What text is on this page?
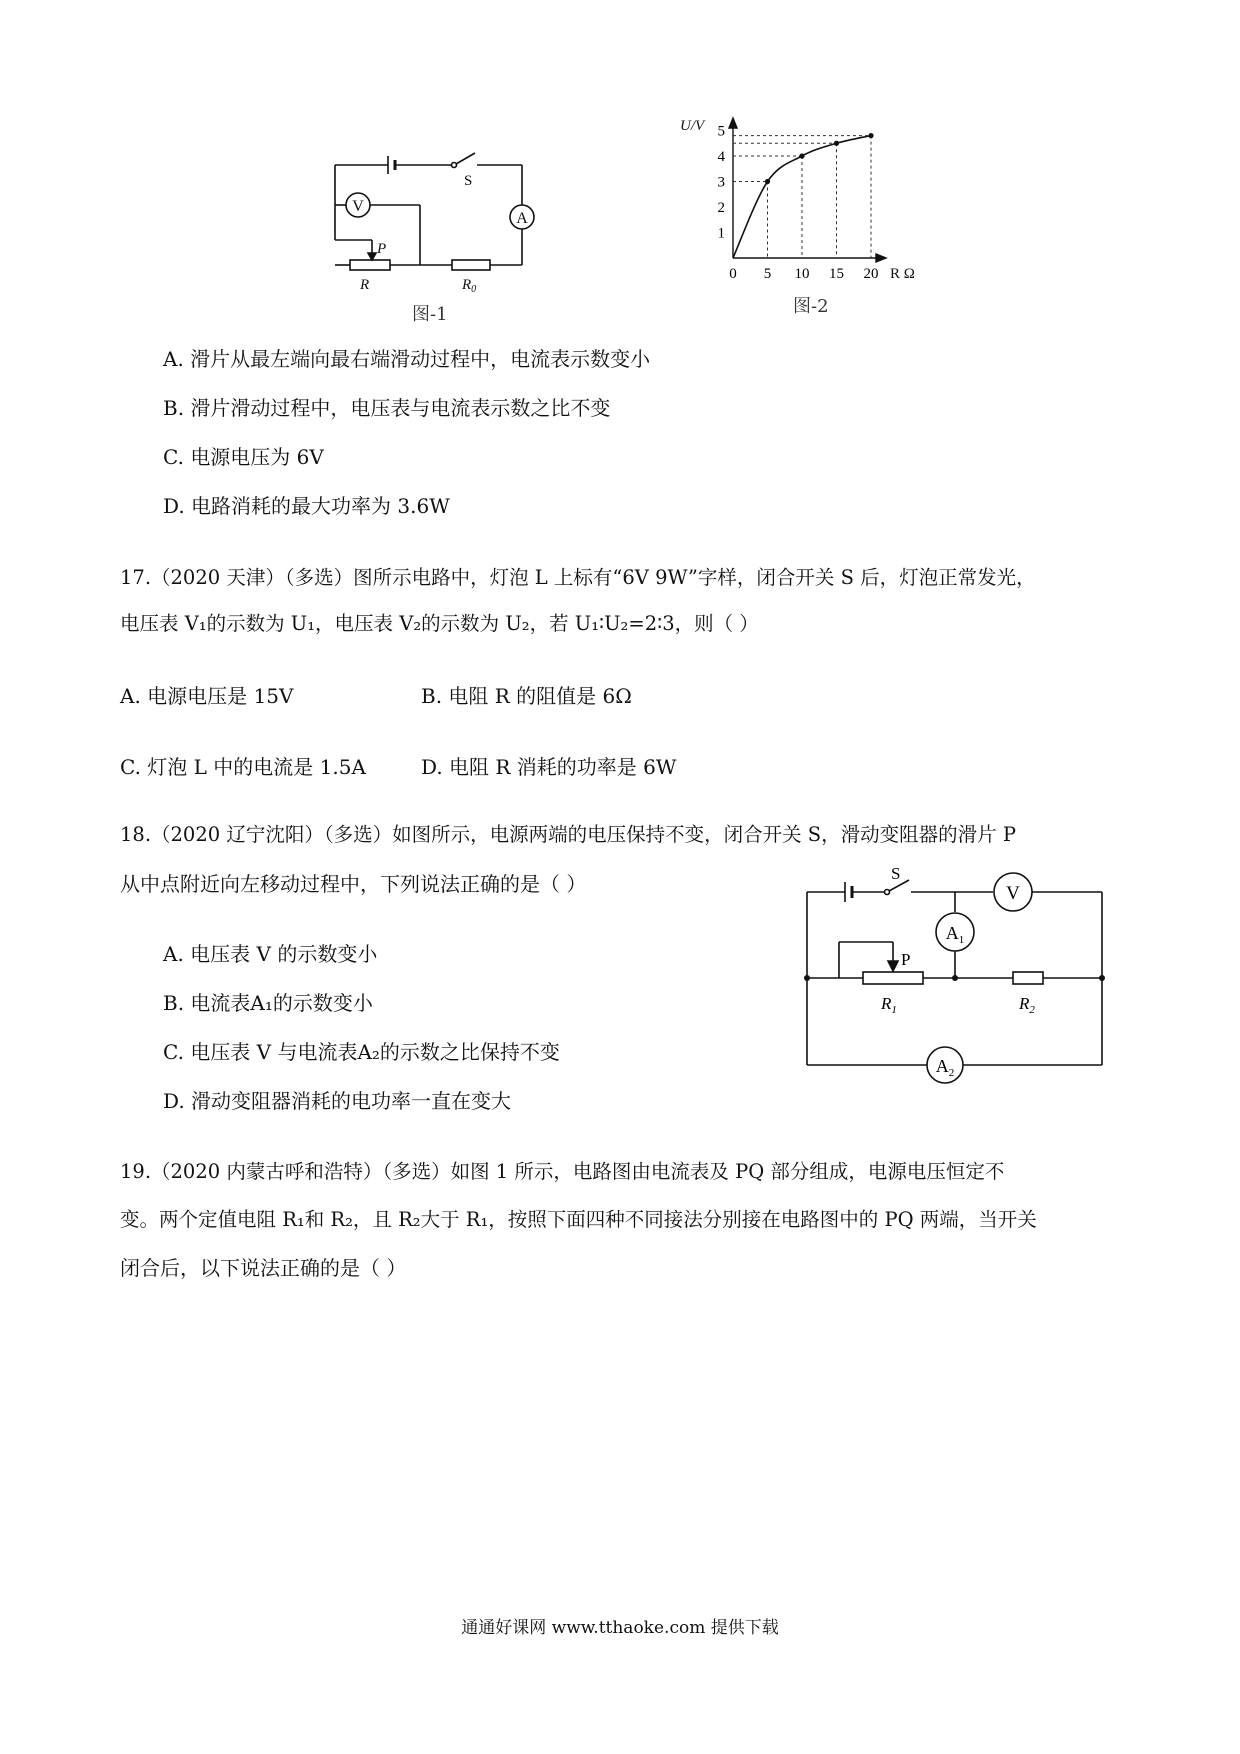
V
A
S
P
R	$R_0$
图-1
0 5 10 15 20
1
2
3
4
5
U/V
R Ω
图-2
A. 滑片从最左端向最右端滑动过程中，电流表示数变小
B. 滑片滑动过程中，电压表与电流表示数之比不变
C. 电源电压为 6V
D. 电路消耗的最大功率为 3.6W
17.（2020 天津）（多选）图所示电路中，灯泡 L 上标有“6V 9W”字样，闭合开关 S 后，灯泡正常发光，
电压表 V₁的示数为 U₁，电压表 V₂的示数为 U₂，若 U₁∶U₂=2∶3，则（ ）
A. 电源电压是 15V	B. 电阻 R 的阻值是 6Ω
C. 灯泡 L 中的电流是 1.5A	D. 电阻 R 消耗的功率是 6W
18.（2020 辽宁沈阳）（多选）如图所示，电源两端的电压保持不变，闭合开关 S，滑动变阻器的滑片 P
从中点附近向左移动过程中，下列说法正确的是（ ）
A. 电压表 V 的示数变小
B. 电流表A₁的示数变小
C. 电压表 V 与电流表A₂的示数之比保持不变
D. 滑动变阻器消耗的电功率一直在变大
V
$A_1$
$A_2$
S
P
$R_1$	$R_2$
19.（2020 内蒙古呼和浩特）（多选）如图 1 所示，电路图由电流表及 PQ 部分组成，电源电压恒定不
变。两个定值电阻 R₁和 R₂，且 R₂大于 R₁，按照下面四种不同接法分别接在电路图中的 PQ 两端，当开关
闭合后，以下说法正确的是（ ）
通通好课网 www.tthaoke.com 提供下载
